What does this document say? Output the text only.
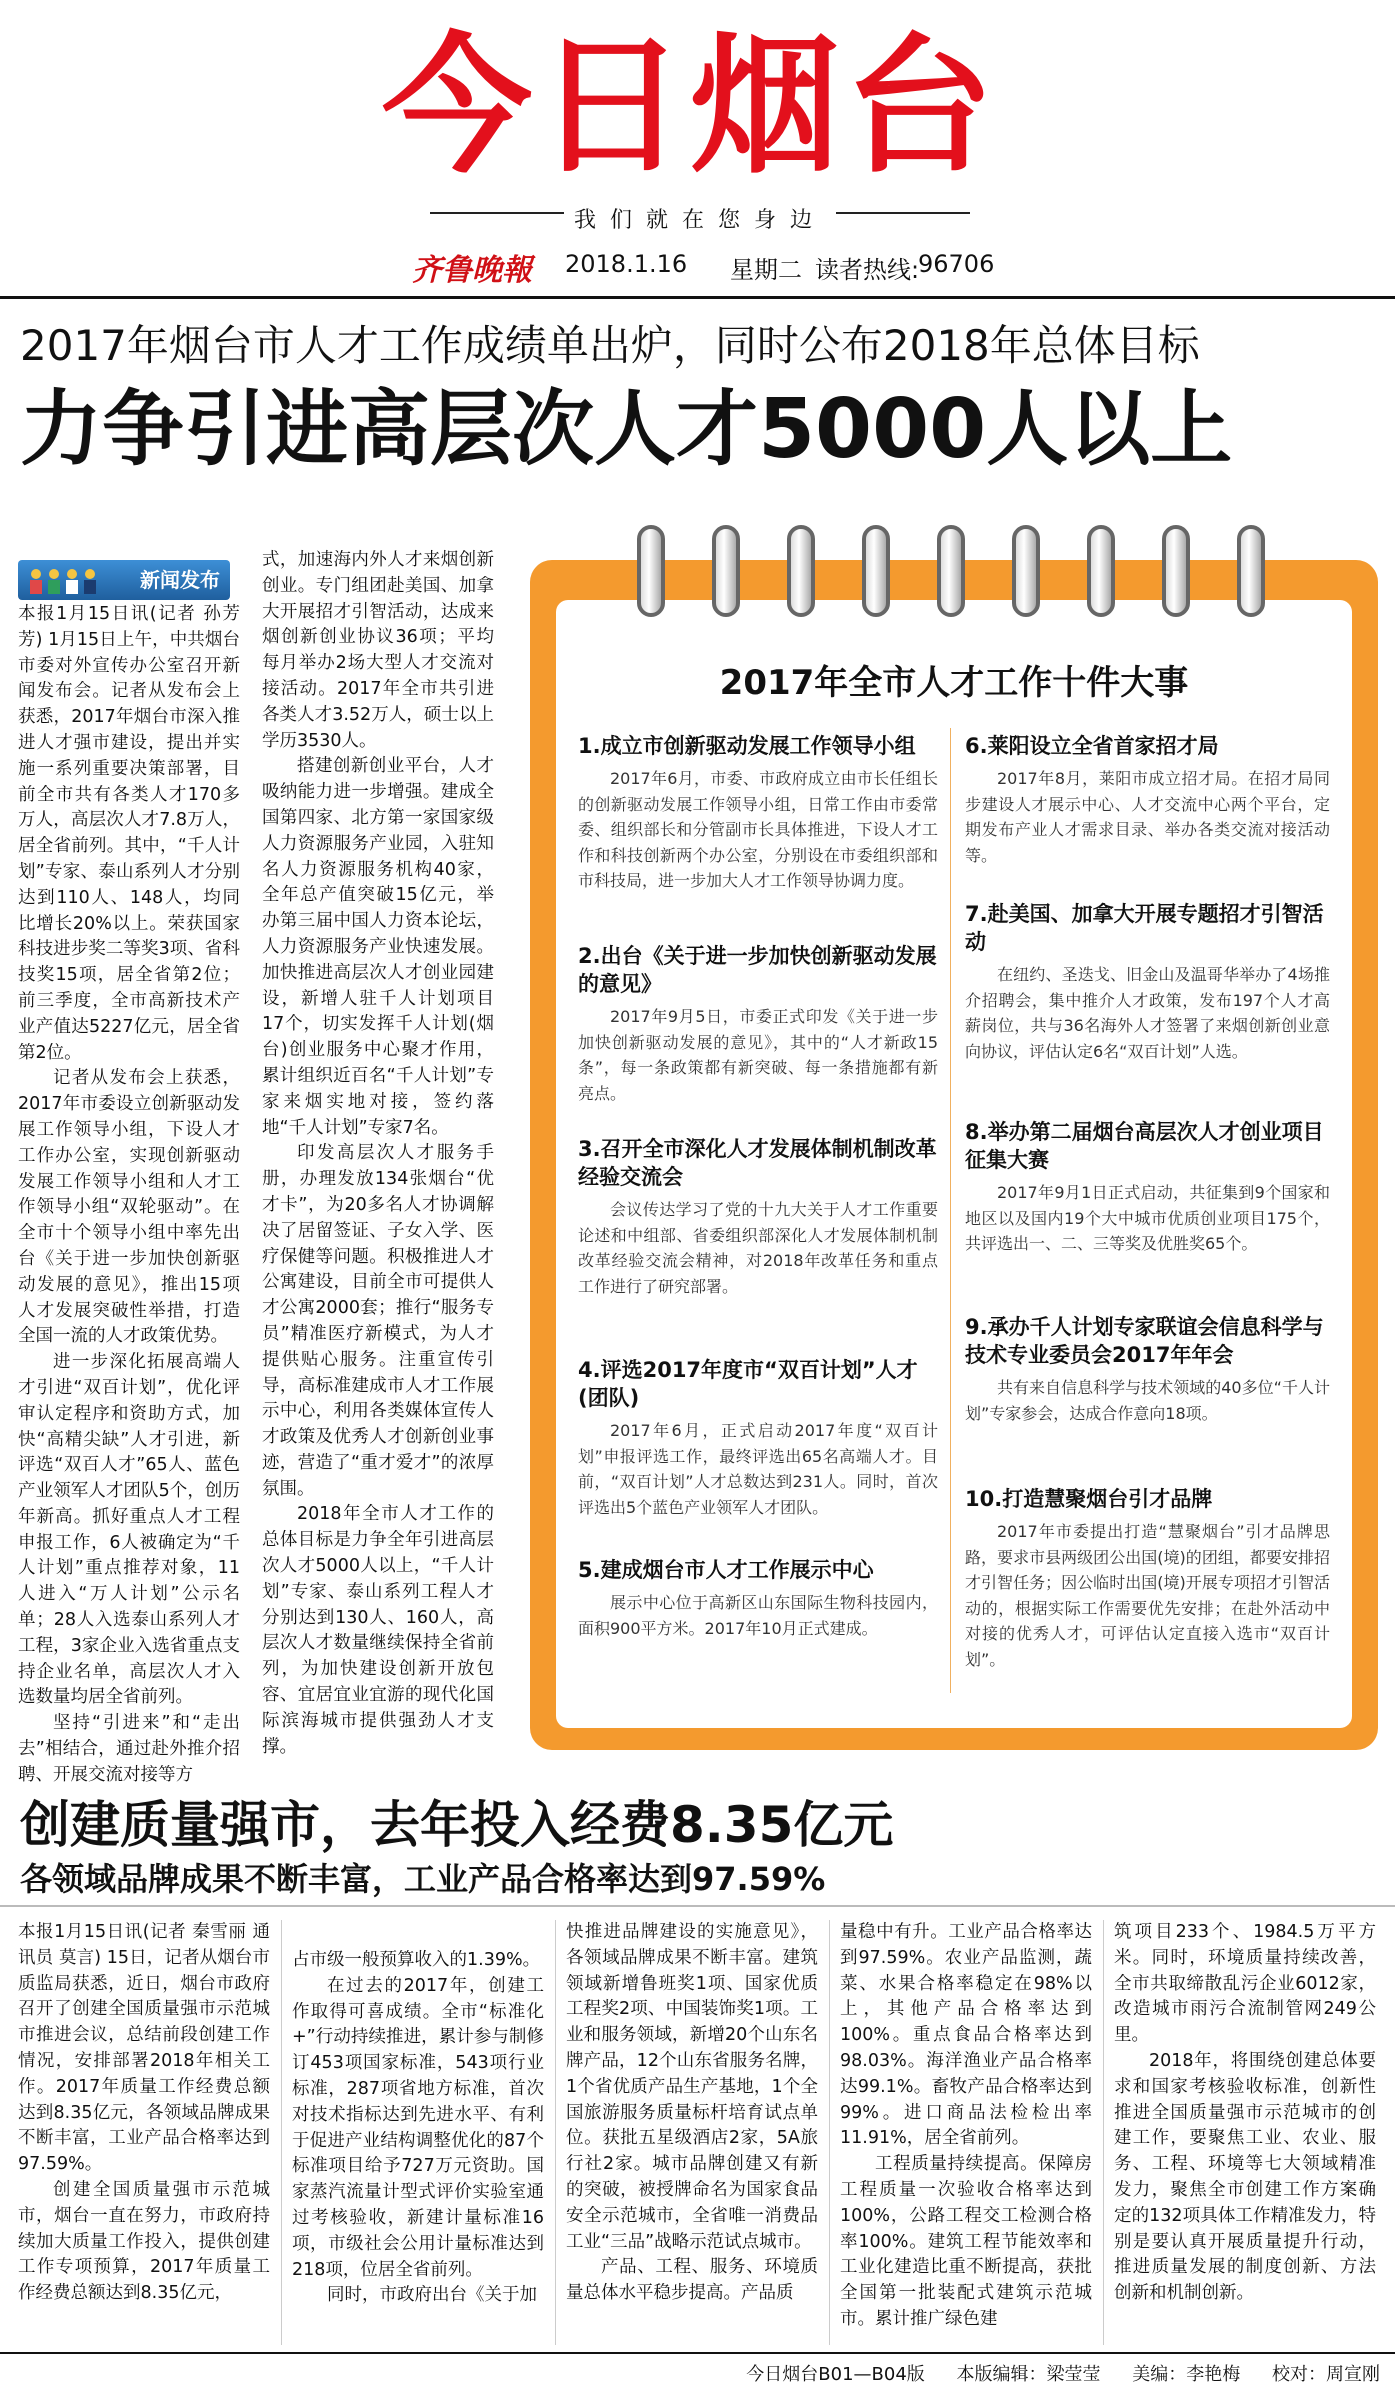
今日烟台
我们就在您身边
齐鲁晚報 2018.1.16 星期二 读者热线:
96706
2017年烟台市人才工作成绩单出炉，同时公布2018年总体目标
力争引进高层次人才5000人以上
新闻发布

本报1月15日讯(记者 孙芳芳) 1月15日上午，中共烟台市委对外宣传办公室召开新闻发布会。记者从发布会上获悉，2017年烟台市深入推进人才强市建设，提出并实施一系列重要决策部署，目前全市共有各类人才170多万人，高层次人才7.8万人，居全省前列。其中，“千人计划”专家、泰山系列人才分别达到110人、148人，均同比增长20%以上。荣获国家科技进步奖二等奖3项、省科技奖15项，居全省第2位；前三季度，全市高新技术产业产值达5227亿元，居全省第2位。

记者从发布会上获悉，2017年市委设立创新驱动发展工作领导小组，下设人才工作办公室，实现创新驱动发展工作领导小组和人才工作领导小组“双轮驱动”。在全市十个领导小组中率先出台《关于进一步加快创新驱动发展的意见》，推出15项人才发展突破性举措，打造全国一流的人才政策优势。

进一步深化拓展高端人才引进“双百计划”，优化评审认定程序和资助方式，加快“高精尖缺”人才引进，新评选“双百人才”65人、蓝色产业领军人才团队5个，创历年新高。抓好重点人才工程申报工作，6人被确定为“千人计划”重点推荐对象，11人进入“万人计划”公示名单；28人入选泰山系列人才工程，3家企业入选省重点支持企业名单，高层次人才入选数量均居全省前列。

坚持“引进来”和“走出去”相结合，通过赴外推介招聘、开展交流对接等方

式，加速海内外人才来烟创新创业。专门组团赴美国、加拿大开展招才引智活动，达成来烟创新创业协议36项；平均每月举办2场大型人才交流对接活动。2017年全市共引进各类人才3.52万人，硕士以上学历3530人。

搭建创新创业平台，人才吸纳能力进一步增强。建成全国第四家、北方第一家国家级人力资源服务产业园，入驻知名人力资源服务机构40家，全年总产值突破15亿元，举办第三届中国人力资本论坛，人力资源服务产业快速发展。加快推进高层次人才创业园建设，新增人驻千人计划项目17个，切实发挥千人计划(烟台)创业服务中心聚才作用，累计组织近百名“千人计划”专家来烟实地对接，签约落地“千人计划”专家7名。

印发高层次人才服务手册，办理发放134张烟台“优才卡”，为20多名人才协调解决了居留签证、子女入学、医疗保健等问题。积极推进人才公寓建设，目前全市可提供人才公寓2000套；推行“服务专员”精准医疗新模式，为人才提供贴心服务。注重宣传引导，高标准建成市人才工作展示中心，利用各类媒体宣传人才政策及优秀人才创新创业事迹，营造了“重才爱才”的浓厚氛围。

2018年全市人才工作的总体目标是力争全年引进高层次人才5000人以上，“千人计划”专家、泰山系列工程人才分别达到130人、160人，高层次人才数量继续保持全省前列，为加快建设创新开放包容、宜居宜业宜游的现代化国际滨海城市提供强劲人才支撑。

2017年全市人才工作十件大事
1.成立市创新驱动发展工作领导小组

2017年6月，市委、市政府成立由市长任组长的创新驱动发展工作领导小组，日常工作由市委常委、组织部长和分管副市长具体推进，下设人才工作和科技创新两个办公室，分别设在市委组织部和市科技局，进一步加大人才工作领导协调力度。

2.出台《关于进一步加快创新驱动发展的意见》

2017年9月5日，市委正式印发《关于进一步加快创新驱动发展的意见》，其中的“人才新政15条”，每一条政策都有新突破、每一条措施都有新亮点。

3.召开全市深化人才发展体制机制改革经验交流会

会议传达学习了党的十九大关于人才工作重要论述和中组部、省委组织部深化人才发展体制机制改革经验交流会精神，对2018年改革任务和重点工作进行了研究部署。

4.评选2017年度市“双百计划”人才(团队)

2017年6月，正式启动2017年度“双百计划”申报评选工作，最终评选出65名高端人才。目前，“双百计划”人才总数达到231人。同时，首次评选出5个蓝色产业领军人才团队。

5.建成烟台市人才工作展示中心

展示中心位于高新区山东国际生物科技园内，面积900平方米。2017年10月正式建成。

6.莱阳设立全省首家招才局

2017年8月，莱阳市成立招才局。在招才局同步建设人才展示中心、人才交流中心两个平台，定期发布产业人才需求目录、举办各类交流对接活动等。

7.赴美国、加拿大开展专题招才引智活动

在纽约、圣迭戈、旧金山及温哥华举办了4场推介招聘会，集中推介人才政策，发布197个人才高薪岗位，共与36名海外人才签署了来烟创新创业意向协议，评估认定6名“双百计划”人选。

8.举办第二届烟台高层次人才创业项目征集大赛

2017年9月1日正式启动，共征集到9个国家和地区以及国内19个大中城市优质创业项目175个，共评选出一、二、三等奖及优胜奖65个。

9.承办千人计划专家联谊会信息科学与技术专业委员会2017年年会

共有来自信息科学与技术领域的40多位“千人计划”专家参会，达成合作意向18项。

10.打造慧聚烟台引才品牌

2017年市委提出打造“慧聚烟台”引才品牌思路，要求市县两级团公出国(境)的团组，都要安排招才引智任务；因公临时出国(境)开展专项招才引智活动的，根据实际工作需要优先安排；在赴外活动中对接的优秀人才，可评估认定直接入选市“双百计划”。

创建质量强市，去年投入经费8.35亿元
各领域品牌成果不断丰富，工业产品合格率达到97.59%

本报1月15日讯(记者 秦雪丽 通讯员 莫言) 15日，记者从烟台市质监局获悉，近日，烟台市政府召开了创建全国质量强市示范城市推进会议，总结前段创建工作情况，安排部署2018年相关工作。2017年质量工作经费总额达到8.35亿元，各领域品牌成果不断丰富，工业产品合格率达到97.59%。

创建全国质量强市示范城市，烟台一直在努力，市政府持续加大质量工作投入，提供创建工作专项预算，2017年质量工作经费总额达到8.35亿元，

占市级一般预算收入的1.39%。

在过去的2017年，创建工作取得可喜成绩。全市“标准化+”行动持续推进，累计参与制修订453项国家标准，543项行业标准，287项省地方标准，首次对技术指标达到先进水平、有利于促进产业结构调整优化的87个标准项目给予727万元资助。国家蒸汽流量计型式评价实验室通过考核验收，新建计量标准16项，市级社会公用计量标准达到218项，位居全省前列。

同时，市政府出台《关于加

快推进品牌建设的实施意见》，各领域品牌成果不断丰富。建筑领域新增鲁班奖1项、国家优质工程奖2项、中国装饰奖1项。工业和服务领域，新增20个山东名牌产品，12个山东省服务名牌，1个省优质产品生产基地，1个全国旅游服务质量标杆培育试点单位。获批五星级酒店2家，5A旅行社2家。城市品牌创建又有新的突破，被授牌命名为国家食品安全示范城市，全省唯一消费品工业“三品”战略示范试点城市。

产品、工程、服务、环境质量总体水平稳步提高。产品质

量稳中有升。工业产品合格率达到97.59%。农业产品监测，蔬菜、水果合格率稳定在98%以上，其他产品合格率达到100%。重点食品合格率达到98.03%。海洋渔业产品合格率达99.1%。畜牧产品合格率达到99%。进口商品法检检出率11.91%，居全省前列。

工程质量持续提高。保障房工程质量一次验收合格率达到100%，公路工程交工检测合格率100%。建筑工程节能效率和工业化建造比重不断提高，获批全国第一批装配式建筑示范城市。累计推广绿色建

筑项目233个、1984.5万平方米。同时，环境质量持续改善，全市共取缔散乱污企业6012家，改造城市雨污合流制管网249公里。

2018年，将围绕创建总体要求和国家考核验收标准，创新性推进全国质量强市示范城市的创建工作，要聚焦工业、农业、服务、工程、环境等七大领域精准发力，聚焦全市创建工作方案确定的132项具体工作精准发力，特别是要认真开展质量提升行动，推进质量发展的制度创新、方法创新和机制创新。

今日烟台B01—B04版 本版编辑：梁莹莹 美编：李艳梅 校对：周宣刚
